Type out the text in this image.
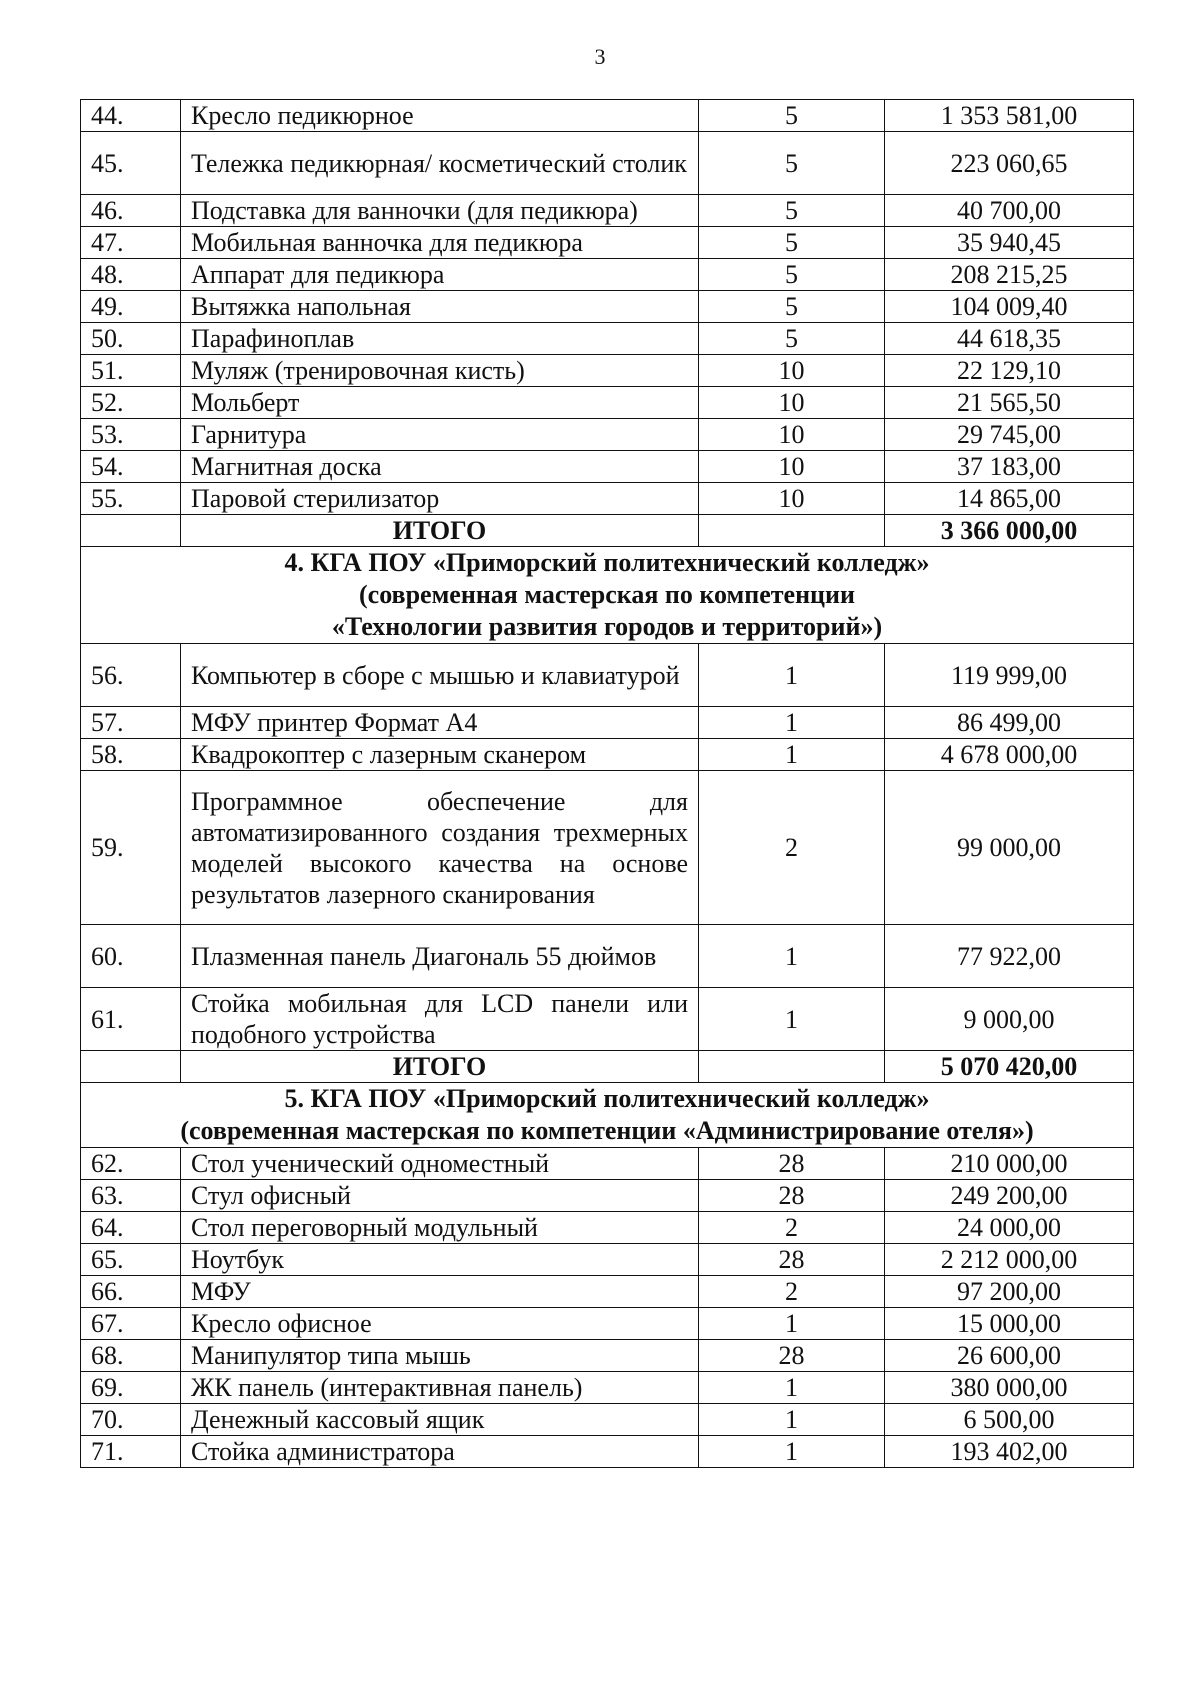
3
44.	Кресло педикюрное	5	1 353 581,00
45.	Тележка педикюрная/ косметический столик	5	223 060,65
46.	Подставка для ванночки (для педикюра)	5	40 700,00
47.	Мобильная ванночка для педикюра	5	35 940,45
48.	Аппарат для педикюра	5	208 215,25
49.	Вытяжка напольная	5	104 009,40
50.	Парафиноплав	5	44 618,35
51.	Муляж (тренировочная кисть)	10	22 129,10
52.	Мольберт	10	21 565,50
53.	Гарнитура	10	29 745,00
54.	Магнитная доска	10	37 183,00
55.	Паровой стерилизатор	10	14 865,00
	ИТОГО		3 366 000,00

4. КГА ПОУ «Приморский политехнический колледж»
(современная мастерская по компетенции
«Технологии развития городов и территорий»)			

56.	Компьютер в сборе с мышью и клавиатурой	1	119 999,00
57.	МФУ принтер Формат А4	1	86 499,00
58.	Квадрокоптер с лазерным сканером	1	4 678 000,00
59.	Программное обеспечение для автоматизированного создания трехмерных моделей высокого качества на основе результатов лазерного сканирования	2	99 000,00
60.	Плазменная панель Диагональ 55 дюймов	1	77 922,00
61.	Стойка мобильная для LCD панели или подобного устройства	1	9 000,00
	ИТОГО		5 070 420,00

5. КГА ПОУ «Приморский политехнический колледж»
(современная мастерская по компетенции «Администрирование отеля»)			

62.	Стол ученический одноместный	28	210 000,00
63.	Стул офисный	28	249 200,00
64.	Стол переговорный модульный	2	24 000,00
65.	Ноутбук	28	2 212 000,00
66.	МФУ	2	97 200,00
67.	Кресло офисное	1	15 000,00
68.	Манипулятор типа мышь	28	26 600,00
69.	ЖК панель (интерактивная панель)	1	380 000,00
70.	Денежный кассовый ящик	1	6 500,00
71.	Стойка администратора	1	193 402,00
